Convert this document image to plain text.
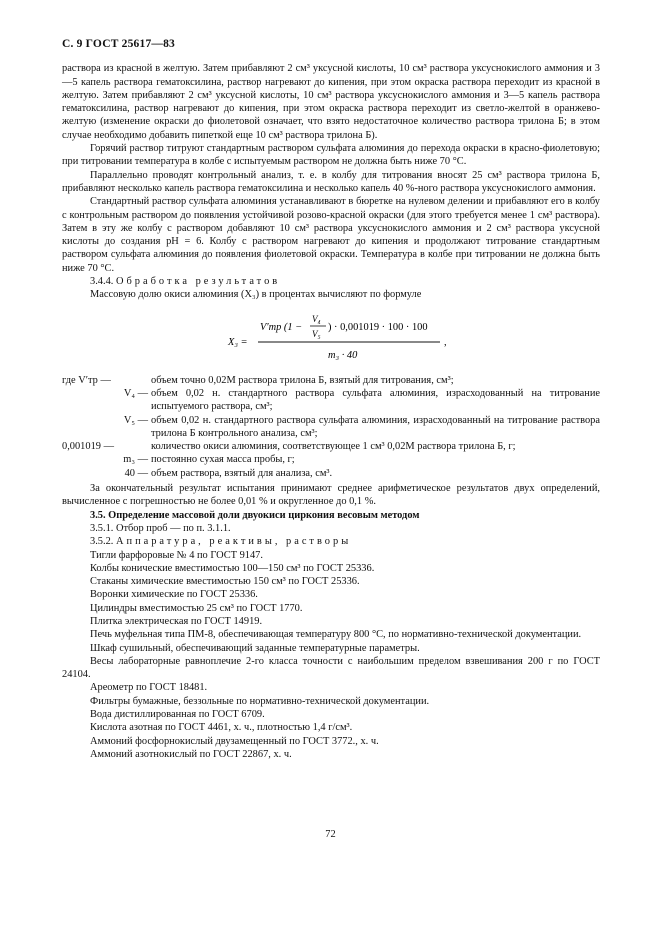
С. 9 ГОСТ 25617—83

раствора из красной в желтую. Затем прибавляют 2 см³ уксусной кислоты, 10 см³ раствора уксуснокислого аммония и 3—5 капель раствора гематоксилина, раствор нагревают до кипения, при этом окраска раствора переходит из красной в желтую. Затем прибавляют 2 см³ уксусной кислоты, 10 см³ раствора уксуснокислого аммония и 3—5 капель раствора гематоксилина, раствор нагревают до кипения, при этом окраска раствора переходит из светло-желтой в оранжево-желтую (изменение окраски до фиолетовой означает, что взято недостаточное количество раствора трилона Б; в этом случае необходимо добавить пипеткой еще 10 см³ раствора трилона Б).

Горячий раствор титруют стандартным раствором сульфата алюминия до перехода окраски в красно-фиолетовую; при титровании температура в колбе с испытуемым раствором не должна быть ниже 70 °С.

Параллельно проводят контрольный анализ, т. е. в колбу для титрования вносят 25 см³ раствора трилона Б, прибавляют несколько капель раствора гематоксилина и несколько капель 40 %-ного раствора уксуснокислого аммония.

Стандартный раствор сульфата алюминия устанавливают в бюретке на нулевом делении и прибавляют его в колбу с контрольным раствором до появления устойчивой розово-красной окраски (для этого требуется менее 1 см³ раствора). Затем в эту же колбу с раствором добавляют 10 см³ раствора уксуснокислого аммония и 2 см³ раствора уксусной кислоты до создания рН = 6. Колбу с раствором нагревают до кипения и продолжают титрование стандартным раствором сульфата алюминия до появления фиолетовой окраски. Температура в колбе при титровании не должна быть ниже 70 °С.

3.4.4. Обработка результатов

Массовую долю окиси алюминия (X₃) в процентах вычисляют по формуле

X₃ =
V′тр (1 −
V₄
V₅
) · 0,001019 · 100 · 100
m₃ · 40
,
где V′тр —	объем точно 0,02М раствора трилона Б, взятый для титрования, см³;
V₄ — объем 0,02 н. стандартного раствора сульфата алюминия, израсходованный на титрование испытуемого раствора, см³;
V₅ — объем 0,02 н. стандартного раствора сульфата алюминия, израсходованный на титрование раствора трилона Б контрольного анализа, см³;
0,001019 —	количество окиси алюминия, соответствующее 1 см³ 0,02М раствора трилона Б, г;
m₃ — постоянно сухая масса пробы, г;
40 — объем раствора, взятый для анализа, см³.

За окончательный результат испытания принимают среднее арифметическое результатов двух определений, вычисленное с погрешностью не более 0,01 % и округленное до 0,1 %.

3.5. Определение массовой доли двуокиси циркония весовым методом

3.5.1. Отбор проб — по п. 3.1.1.

3.5.2. Аппаратура, реактивы, растворы

Тигли фарфоровые № 4 по ГОСТ 9147.

Колбы конические вместимостью 100—150 см³ по ГОСТ 25336.

Стаканы химические вместимостью 150 см³ по ГОСТ 25336.

Воронки химические по ГОСТ 25336.

Цилиндры вместимостью 25 см³ по ГОСТ 1770.

Плитка электрическая по ГОСТ 14919.

Печь муфельная типа ПМ-8, обеспечивающая температуру 800 °С, по нормативно-технической документации.

Шкаф сушильный, обеспечивающий заданные температурные параметры.

Весы лабораторные равноплечие 2-го класса точности с наибольшим пределом взвешивания 200 г по ГОСТ 24104.

Ареометр по ГОСТ 18481.

Фильтры бумажные, беззольные по нормативно-технической документации.

Вода дистиллированная по ГОСТ 6709.

Кислота азотная по ГОСТ 4461, х. ч., плотностью 1,4 г/см³.

Аммоний фосфорнокислый двузамещенный по ГОСТ 3772., х. ч.

Аммоний азотнокислый по ГОСТ 22867, х. ч.

72
